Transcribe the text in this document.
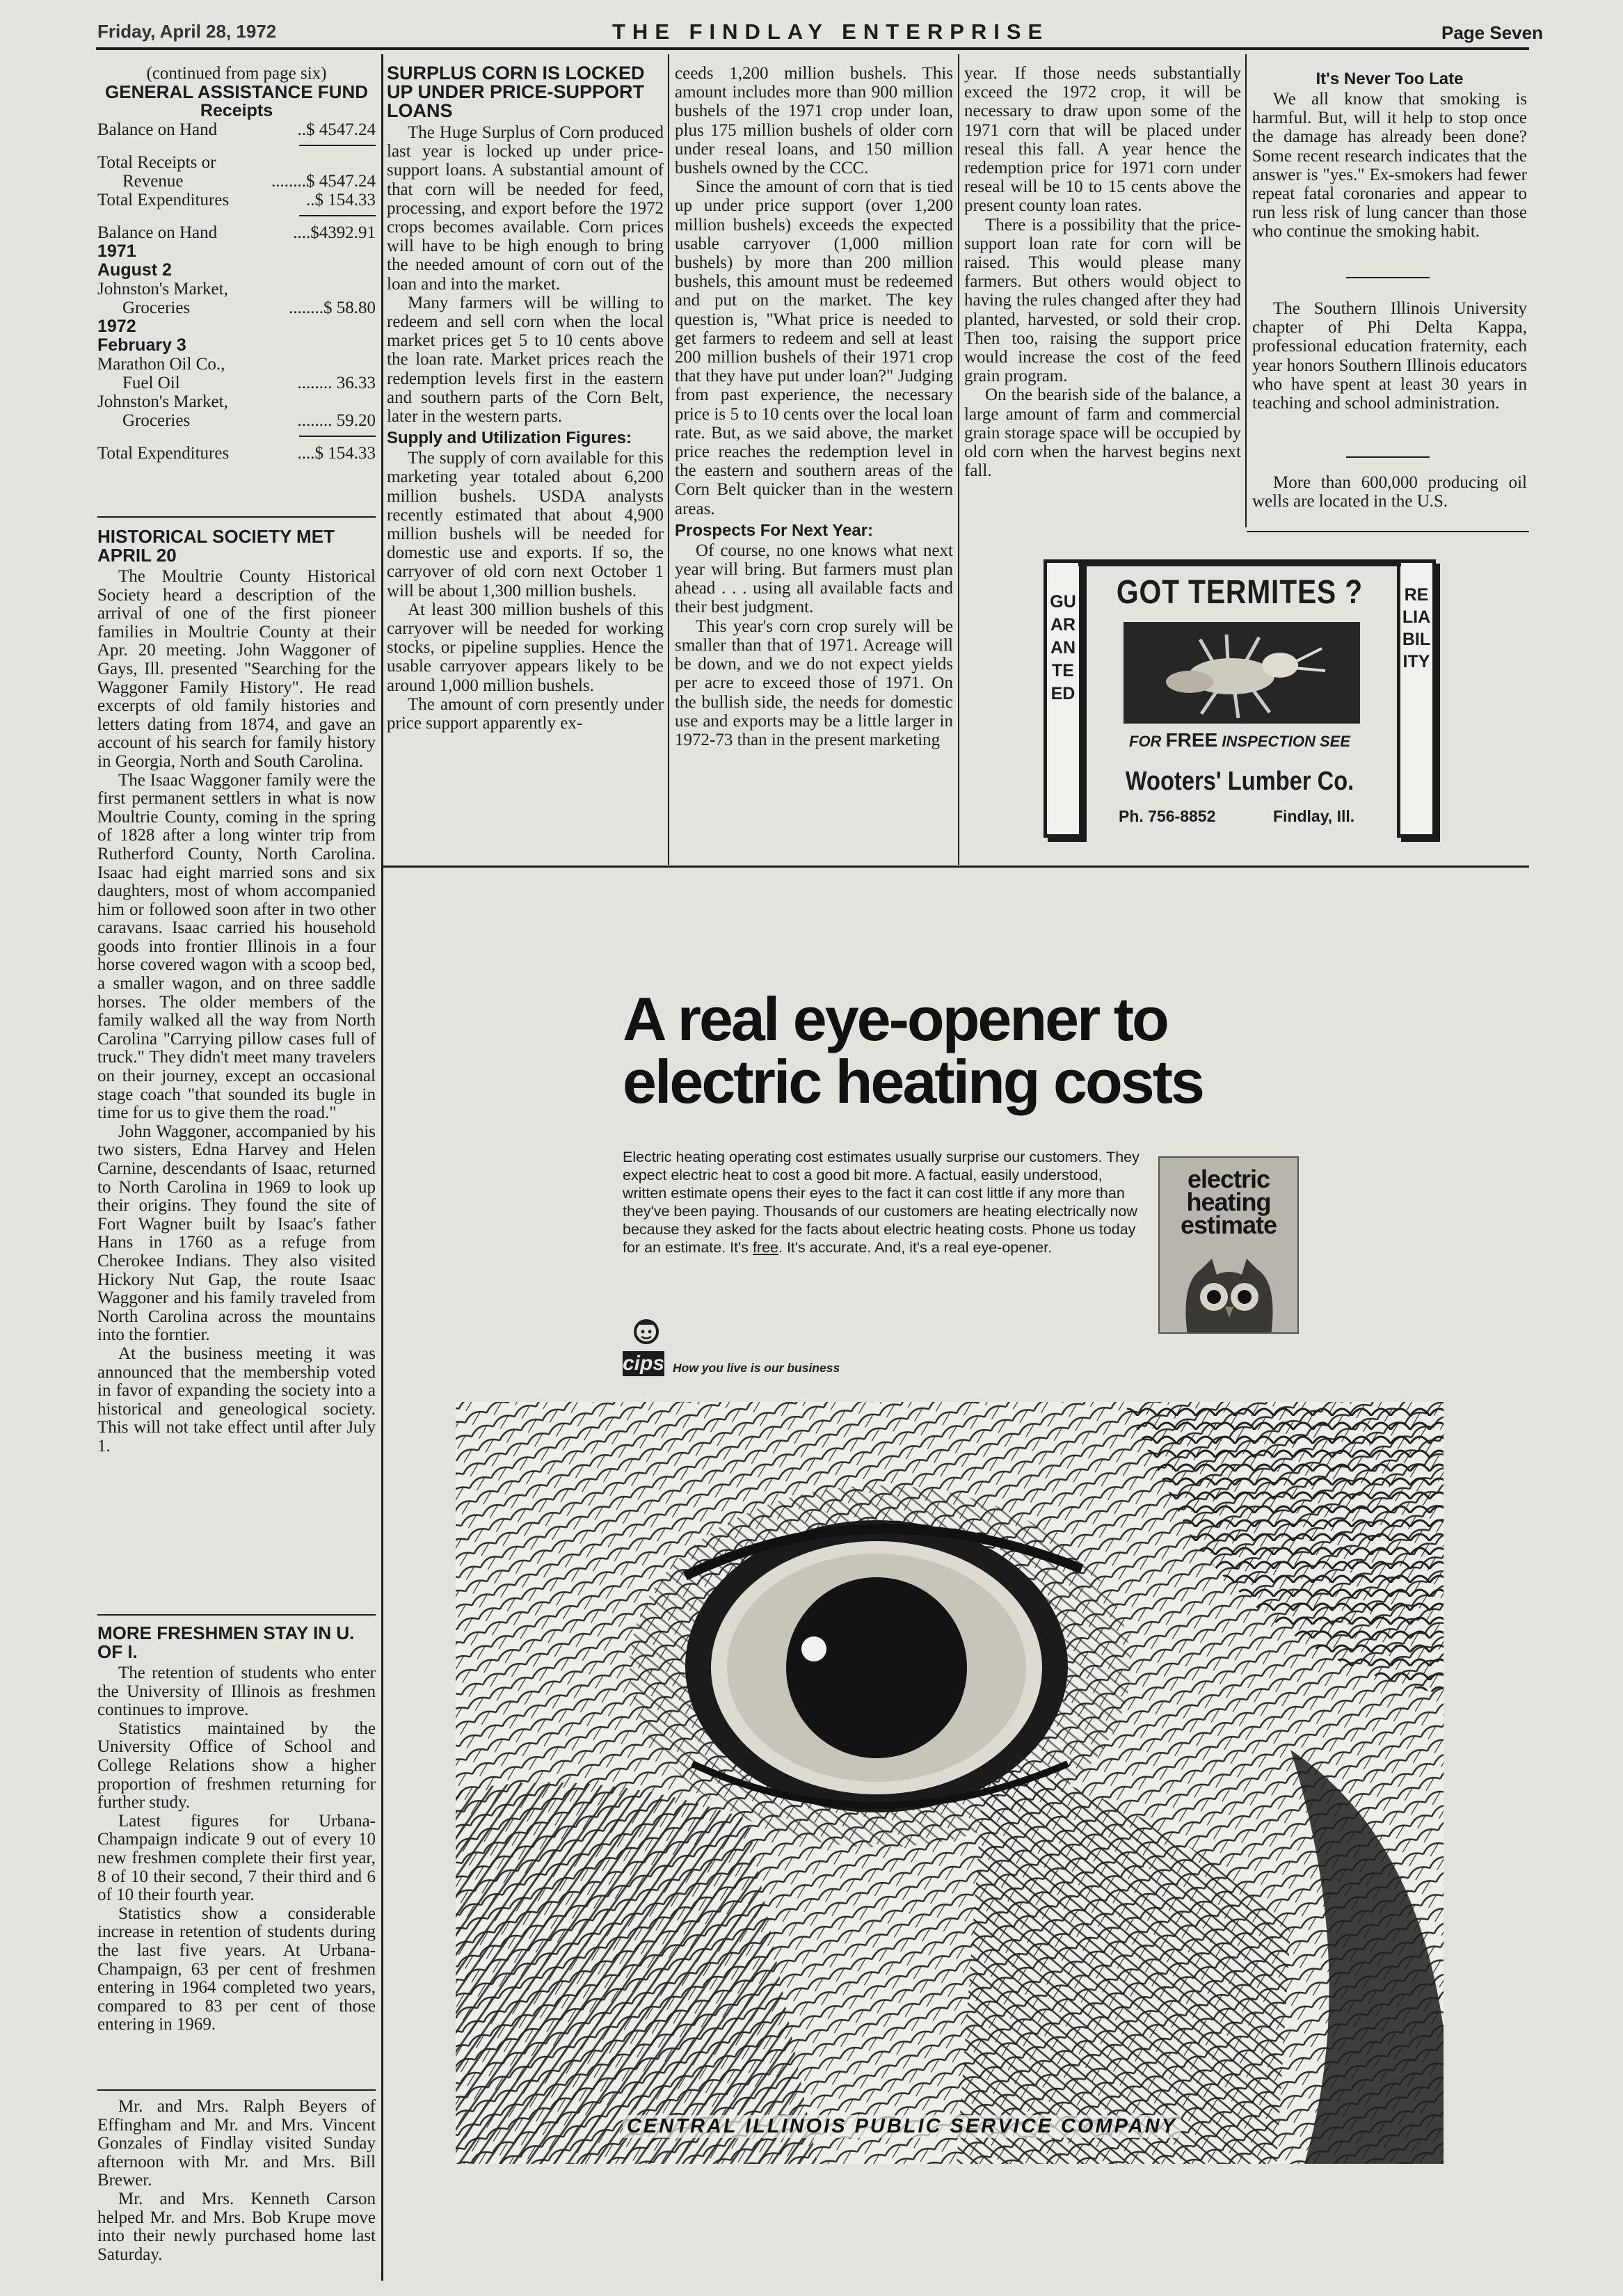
Friday, April 28, 1972	THE FINDLAY ENTERPRISE	Page Seven
(continued from page six)
GENERAL ASSISTANCE FUND
Receipts
Balance on Hand	..$ 4547.24
Total Receipts or
Revenue	........$ 4547.24
Total Expenditures	..$ 154.33
Balance on Hand	....$4392.91
1971
August 2
Johnston's Market,
Groceries	........$ 58.80
1972
February 3
Marathon Oil Co.,
Fuel Oil	........ 36.33
Johnston's Market,
Groceries	........ 59.20
Total Expenditures	....$ 154.33
HISTORICAL SOCIETY MET APRIL 20

The Moultrie County Historical Society heard a description of the arrival of one of the first pioneer families in Moultrie County at their Apr. 20 meeting. John Waggoner of Gays, Ill. presented "Searching for the Waggoner Family History". He read excerpts of old family histories and letters dating from 1874, and gave an account of his search for family history in Georgia, North and South Carolina.

The Isaac Waggoner family were the first permanent settlers in what is now Moultrie County, coming in the spring of 1828 after a long winter trip from Rutherford County, North Carolina. Isaac had eight married sons and six daughters, most of whom accompanied him or followed soon after in two other caravans. Isaac carried his household goods into frontier Illinois in a four horse covered wagon with a scoop bed, a smaller wagon, and on three saddle horses. The older members of the family walked all the way from North Carolina "Carrying pillow cases full of truck." They didn't meet many travelers on their journey, except an occasional stage coach "that sounded its bugle in time for us to give them the road."

John Waggoner, accompanied by his two sisters, Edna Harvey and Helen Carnine, descendants of Isaac, returned to North Carolina in 1969 to look up their origins. They found the site of Fort Wagner built by Isaac's father Hans in 1760 as a refuge from Cherokee Indians. They also visited Hickory Nut Gap, the route Isaac Waggoner and his family traveled from North Carolina across the mountains into the forntier.

At the business meeting it was announced that the membership voted in favor of expanding the society into a historical and geneological society. This will not take effect until after July 1.

MORE FRESHMEN STAY IN U. OF I.

The retention of students who enter the University of Illinois as freshmen continues to improve.

Statistics maintained by the University Office of School and College Relations show a higher proportion of freshmen returning for further study.

Latest figures for Urbana-Champaign indicate 9 out of every 10 new freshmen complete their first year, 8 of 10 their second, 7 their third and 6 of 10 their fourth year.

Statistics show a considerable increase in retention of students during the last five years. At Urbana-Champaign, 63 per cent of freshmen entering in 1964 completed two years, compared to 83 per cent of those entering in 1969.

Mr. and Mrs. Ralph Beyers of Effingham and Mr. and Mrs. Vincent Gonzales of Findlay visited Sunday afternoon with Mr. and Mrs. Bill Brewer.

Mr. and Mrs. Kenneth Carson helped Mr. and Mrs. Bob Krupe move into their newly purchased home last Saturday.

SURPLUS CORN IS LOCKED UP UNDER PRICE-SUPPORT LOANS

The Huge Surplus of Corn produced last year is locked up under price-support loans. A substantial amount of that corn will be needed for feed, processing, and export before the 1972 crops becomes available. Corn prices will have to be high enough to bring the needed amount of corn out of the loan and into the market.

Many farmers will be willing to redeem and sell corn when the local market prices get 5 to 10 cents above the loan rate. Market prices reach the redemption levels first in the eastern and southern parts of the Corn Belt, later in the western parts.

Supply and Utilization Figures:

The supply of corn available for this marketing year totaled about 6,200 million bushels. USDA analysts recently estimated that about 4,900 million bushels will be needed for domestic use and exports. If so, the carryover of old corn next October 1 will be about 1,300 million bushels.

At least 300 million bushels of this carryover will be needed for working stocks, or pipeline supplies. Hence the usable carryover appears likely to be around 1,000 million bushels.

The amount of corn presently under price support apparently ex-

ceeds 1,200 million bushels. This amount includes more than 900 million bushels of the 1971 crop under loan, plus 175 million bushels of older corn under reseal loans, and 150 million bushels owned by the CCC.

Since the amount of corn that is tied up under price support (over 1,200 million bushels) exceeds the expected usable carryover (1,000 million bushels) by more than 200 million bushels, this amount must be redeemed and put on the market. The key question is, "What price is needed to get farmers to redeem and sell at least 200 million bushels of their 1971 crop that they have put under loan?" Judging from past experience, the necessary price is 5 to 10 cents over the local loan rate. But, as we said above, the market price reaches the redemption level in the eastern and southern areas of the Corn Belt quicker than in the western areas.

Prospects For Next Year:

Of course, no one knows what next year will bring. But farmers must plan ahead . . . using all available facts and their best judgment.

This year's corn crop surely will be smaller than that of 1971. Acreage will be down, and we do not expect yields per acre to exceed those of 1971. On the bullish side, the needs for domestic use and exports may be a little larger in 1972-73 than in the present marketing

year. If those needs substantially exceed the 1972 crop, it will be necessary to draw upon some of the 1971 corn that will be placed under reseal this fall. A year hence the redemption price for 1971 corn under reseal will be 10 to 15 cents above the present county loan rates.

There is a possibility that the price-support loan rate for corn will be raised. This would please many farmers. But others would object to having the rules changed after they had planted, harvested, or sold their crop. Then too, raising the support price would increase the cost of the feed grain program.

On the bearish side of the balance, a large amount of farm and commercial grain storage space will be occupied by old corn when the harvest begins next fall.

It's Never Too Late

We all know that smoking is harmful. But, will it help to stop once the damage has already been done? Some recent research indicates that the answer is "yes." Ex-smokers had fewer repeat fatal coronaries and appear to run less risk of lung cancer than those who continue the smoking habit.

The Southern Illinois University chapter of Phi Delta Kappa, professional education fraternity, each year honors Southern Illinois educators who have spent at least 30 years in teaching and school administration.

More than 600,000 producing oil wells are located in the U.S.

GUARANTEED
RELIABILITY
GOT TERMITES ?
FOR FREE INSPECTION SEE
Wooters' Lumber Co.
Ph. 756-8852	Findlay, Ill.
A real eye-opener to
electric heating costs
Electric heating operating cost estimates usually surprise our customers. They expect electric heat to cost a good bit more. A factual, easily understood, written estimate opens their eyes to the fact it can cost little if any more than they've been paying. Thousands of our customers are heating electrically now because they asked for the facts about electric heating costs. Phone us today for an estimate. It's free. It's accurate. And, it's a real eye-opener.
electric
heating
estimate
cips How you live is our business
CENTRAL ILLINOIS PUBLIC SERVICE COMPANY
